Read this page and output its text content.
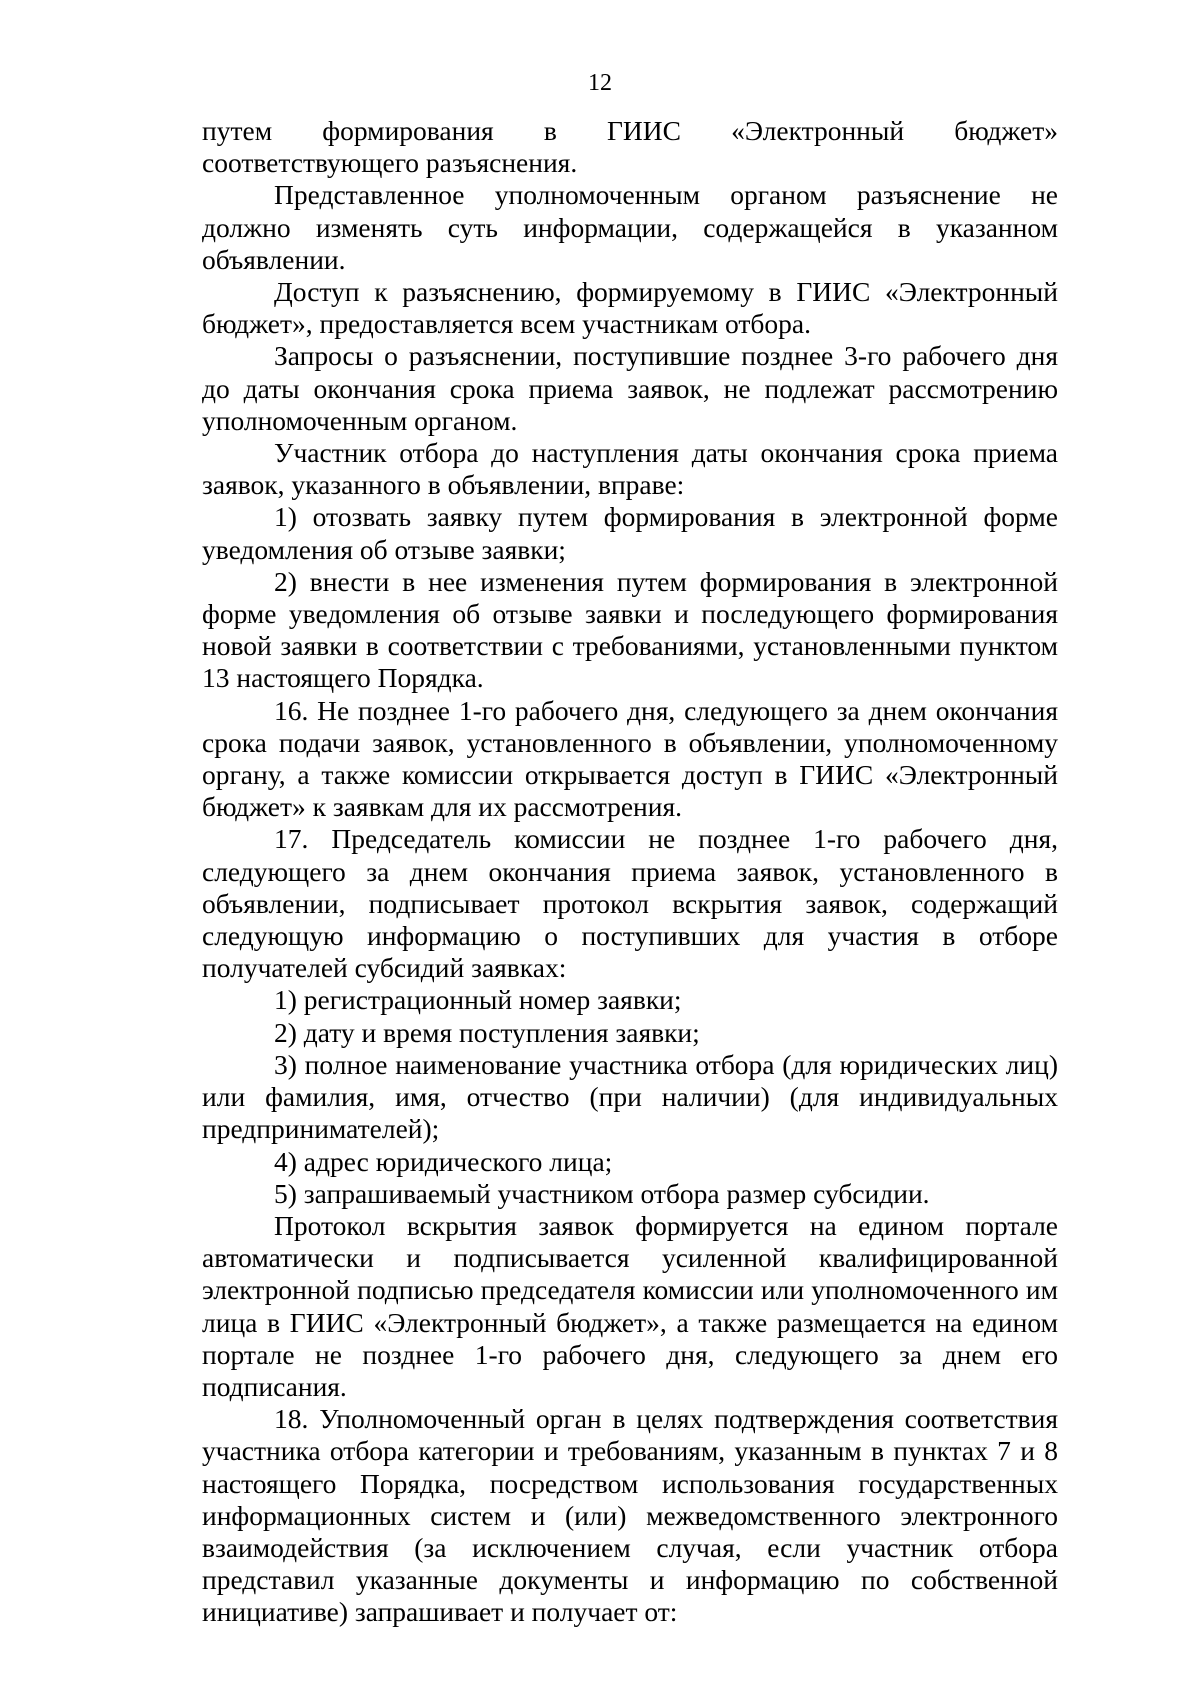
12

путем формирования в ГИИС «Электронный бюджет» соответствующего разъяснения.

Представленное уполномоченным органом разъяснение не должно изменять суть информации, содержащейся в указанном объявлении.

Доступ к разъяснению, формируемому в ГИИС «Электронный бюджет», предоставляется всем участникам отбора.

Запросы о разъяснении, поступившие позднее 3-го рабочего дня до даты окончания срока приема заявок, не подлежат рассмотрению уполномоченным органом.

Участник отбора до наступления даты окончания срока приема заявок, указанного в объявлении, вправе:

1) отозвать заявку путем формирования в электронной форме уведомления об отзыве заявки;

2) внести в нее изменения путем формирования в электронной форме уведомления об отзыве заявки и последующего формирования новой заявки в соответствии с требованиями, установленными пунктом 13 настоящего Порядка.

16. Не позднее 1-го рабочего дня, следующего за днем окончания срока подачи заявок, установленного в объявлении, уполномоченному органу, а также комиссии открывается доступ в ГИИС «Электронный бюджет» к заявкам для их рассмотрения.

17. Председатель комиссии не позднее 1-го рабочего дня, следующего за днем окончания приема заявок, установленного в объявлении, подписывает протокол вскрытия заявок, содержащий следующую информацию о поступивших для участия в отборе получателей субсидий заявках:

1) регистрационный номер заявки;

2) дату и время поступления заявки;

3) полное наименование участника отбора (для юридических лиц) или фамилия, имя, отчество (при наличии) (для индивидуальных предпринимателей);

4) адрес юридического лица;

5) запрашиваемый участником отбора размер субсидии.

Протокол вскрытия заявок формируется на едином портале автоматически и подписывается усиленной квалифицированной электронной подписью председателя комиссии или уполномоченного им лица в ГИИС «Электронный бюджет», а также размещается на едином портале не позднее 1-го рабочего дня, следующего за днем его подписания.

18. Уполномоченный орган в целях подтверждения соответствия участника отбора категории и требованиям, указанным в пунктах 7 и 8 настоящего Порядка, посредством использования государственных информационных систем и (или) межведомственного электронного взаимодействия (за исключением случая, если участник отбора представил указанные документы и информацию по собственной инициативе) запрашивает и получает от:
